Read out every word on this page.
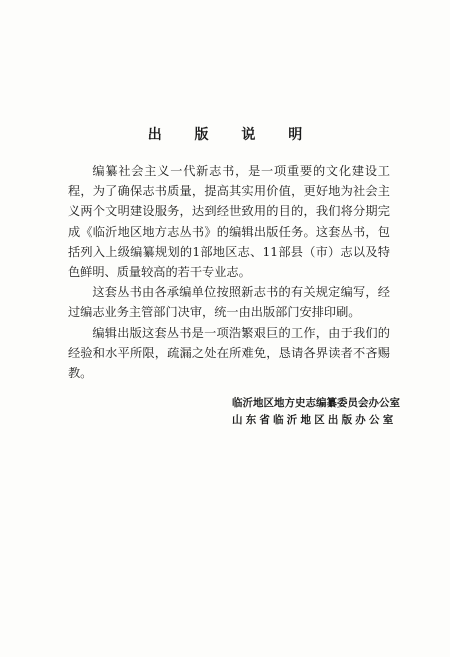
出 版 说 明

编纂社会主义一代新志书，是一项重要的文化建设工程，为了确保志书质量，提高其实用价值，更好地为社会主义两个文明建设服务，达到经世致用的目的，我们将分期完成《临沂地区地方志丛书》的编辑出版任务。这套丛书，包括列入上级编纂规划的1部地区志、11部县（市）志以及特色鲜明、质量较高的若干专业志。

这套丛书由各承编单位按照新志书的有关规定编写，经过编志业务主管部门决审，统一由出版部门安排印刷。

编辑出版这套丛书是一项浩繁艰巨的工作，由于我们的经验和水平所限，疏漏之处在所难免，恳请各界读者不吝赐教。

临沂地区地方史志编纂委员会办公室
山东省临沂地区出版办公室
